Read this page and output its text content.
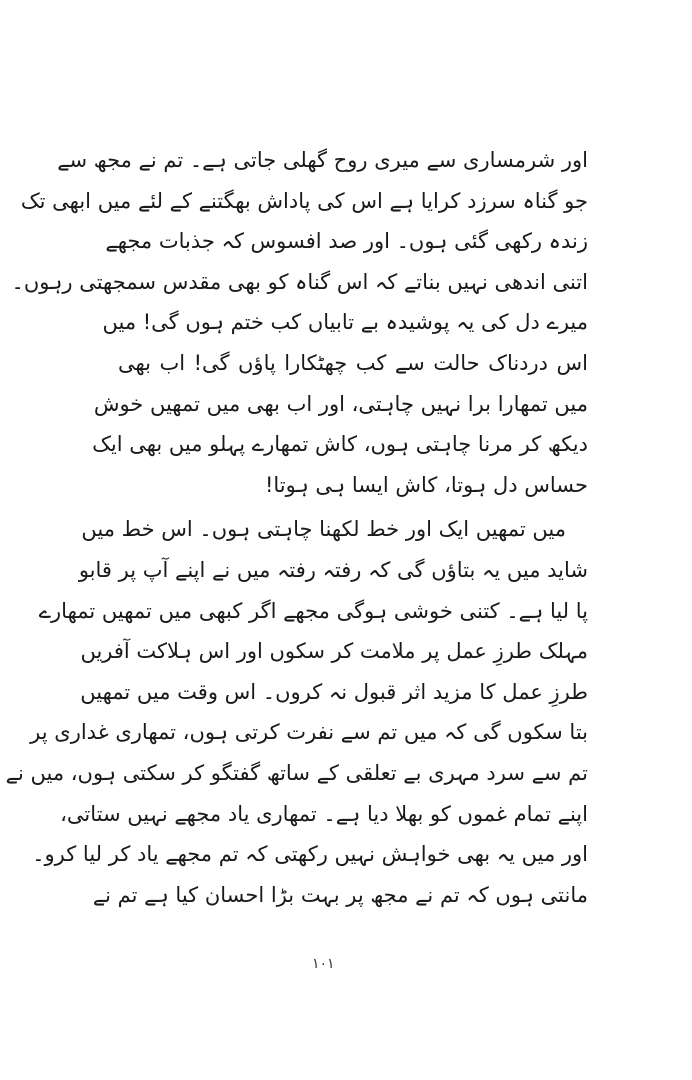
اور شرمساری سے میری روح گھلی جاتی ہے۔ تم نے مجھ سے
جو گناہ سرزد کرایا ہے اس کی پاداش بھگتنے کے لئے میں ابھی تک
زندہ رکھی گئی ہوں۔ اور صد افسوس کہ جذبات مجھے
اتنی اندھی نہیں بناتے کہ اس گناہ کو بھی مقدس سمجھتی رہوں۔
میرے دل کی یہ پوشیدہ بے تابیاں کب ختم ہوں گی! میں
اس دردناک حالت سے کب چھٹکارا پاؤں گی! اب بھی
میں تمھارا برا نہیں چاہتی، اور اب بھی میں تمھیں خوش
دیکھ کر مرنا چاہتی ہوں، کاش تمھارے پہلو میں بھی ایک
حساس دل ہوتا، کاش ایسا ہی ہوتا!
میں تمھیں ایک اور خط لکھنا چاہتی ہوں۔ اس خط میں
شاید میں یہ بتاؤں گی کہ رفتہ رفتہ میں نے اپنے آپ پر قابو
پا لیا ہے۔ کتنی خوشی ہوگی مجھے اگر کبھی میں تمھیں تمھارے
مہلک طرزِ عمل پر ملامت کر سکوں اور اس ہلاکت آفریں
طرزِ عمل کا مزید اثر قبول نہ کروں۔ اس وقت میں تمھیں
بتا سکوں گی کہ میں تم سے نفرت کرتی ہوں، تمھاری غداری پر
تم سے سرد مہری بے تعلقی کے ساتھ گفتگو کر سکتی ہوں، میں نے
اپنے تمام غموں کو بھلا دیا ہے۔ تمھاری یاد مجھے نہیں ستاتی،
اور میں یہ بھی خواہش نہیں رکھتی کہ تم مجھے یاد کر لیا کرو۔
مانتی ہوں کہ تم نے مجھ پر بہت بڑا احسان کیا ہے تم نے
۱۰۱
